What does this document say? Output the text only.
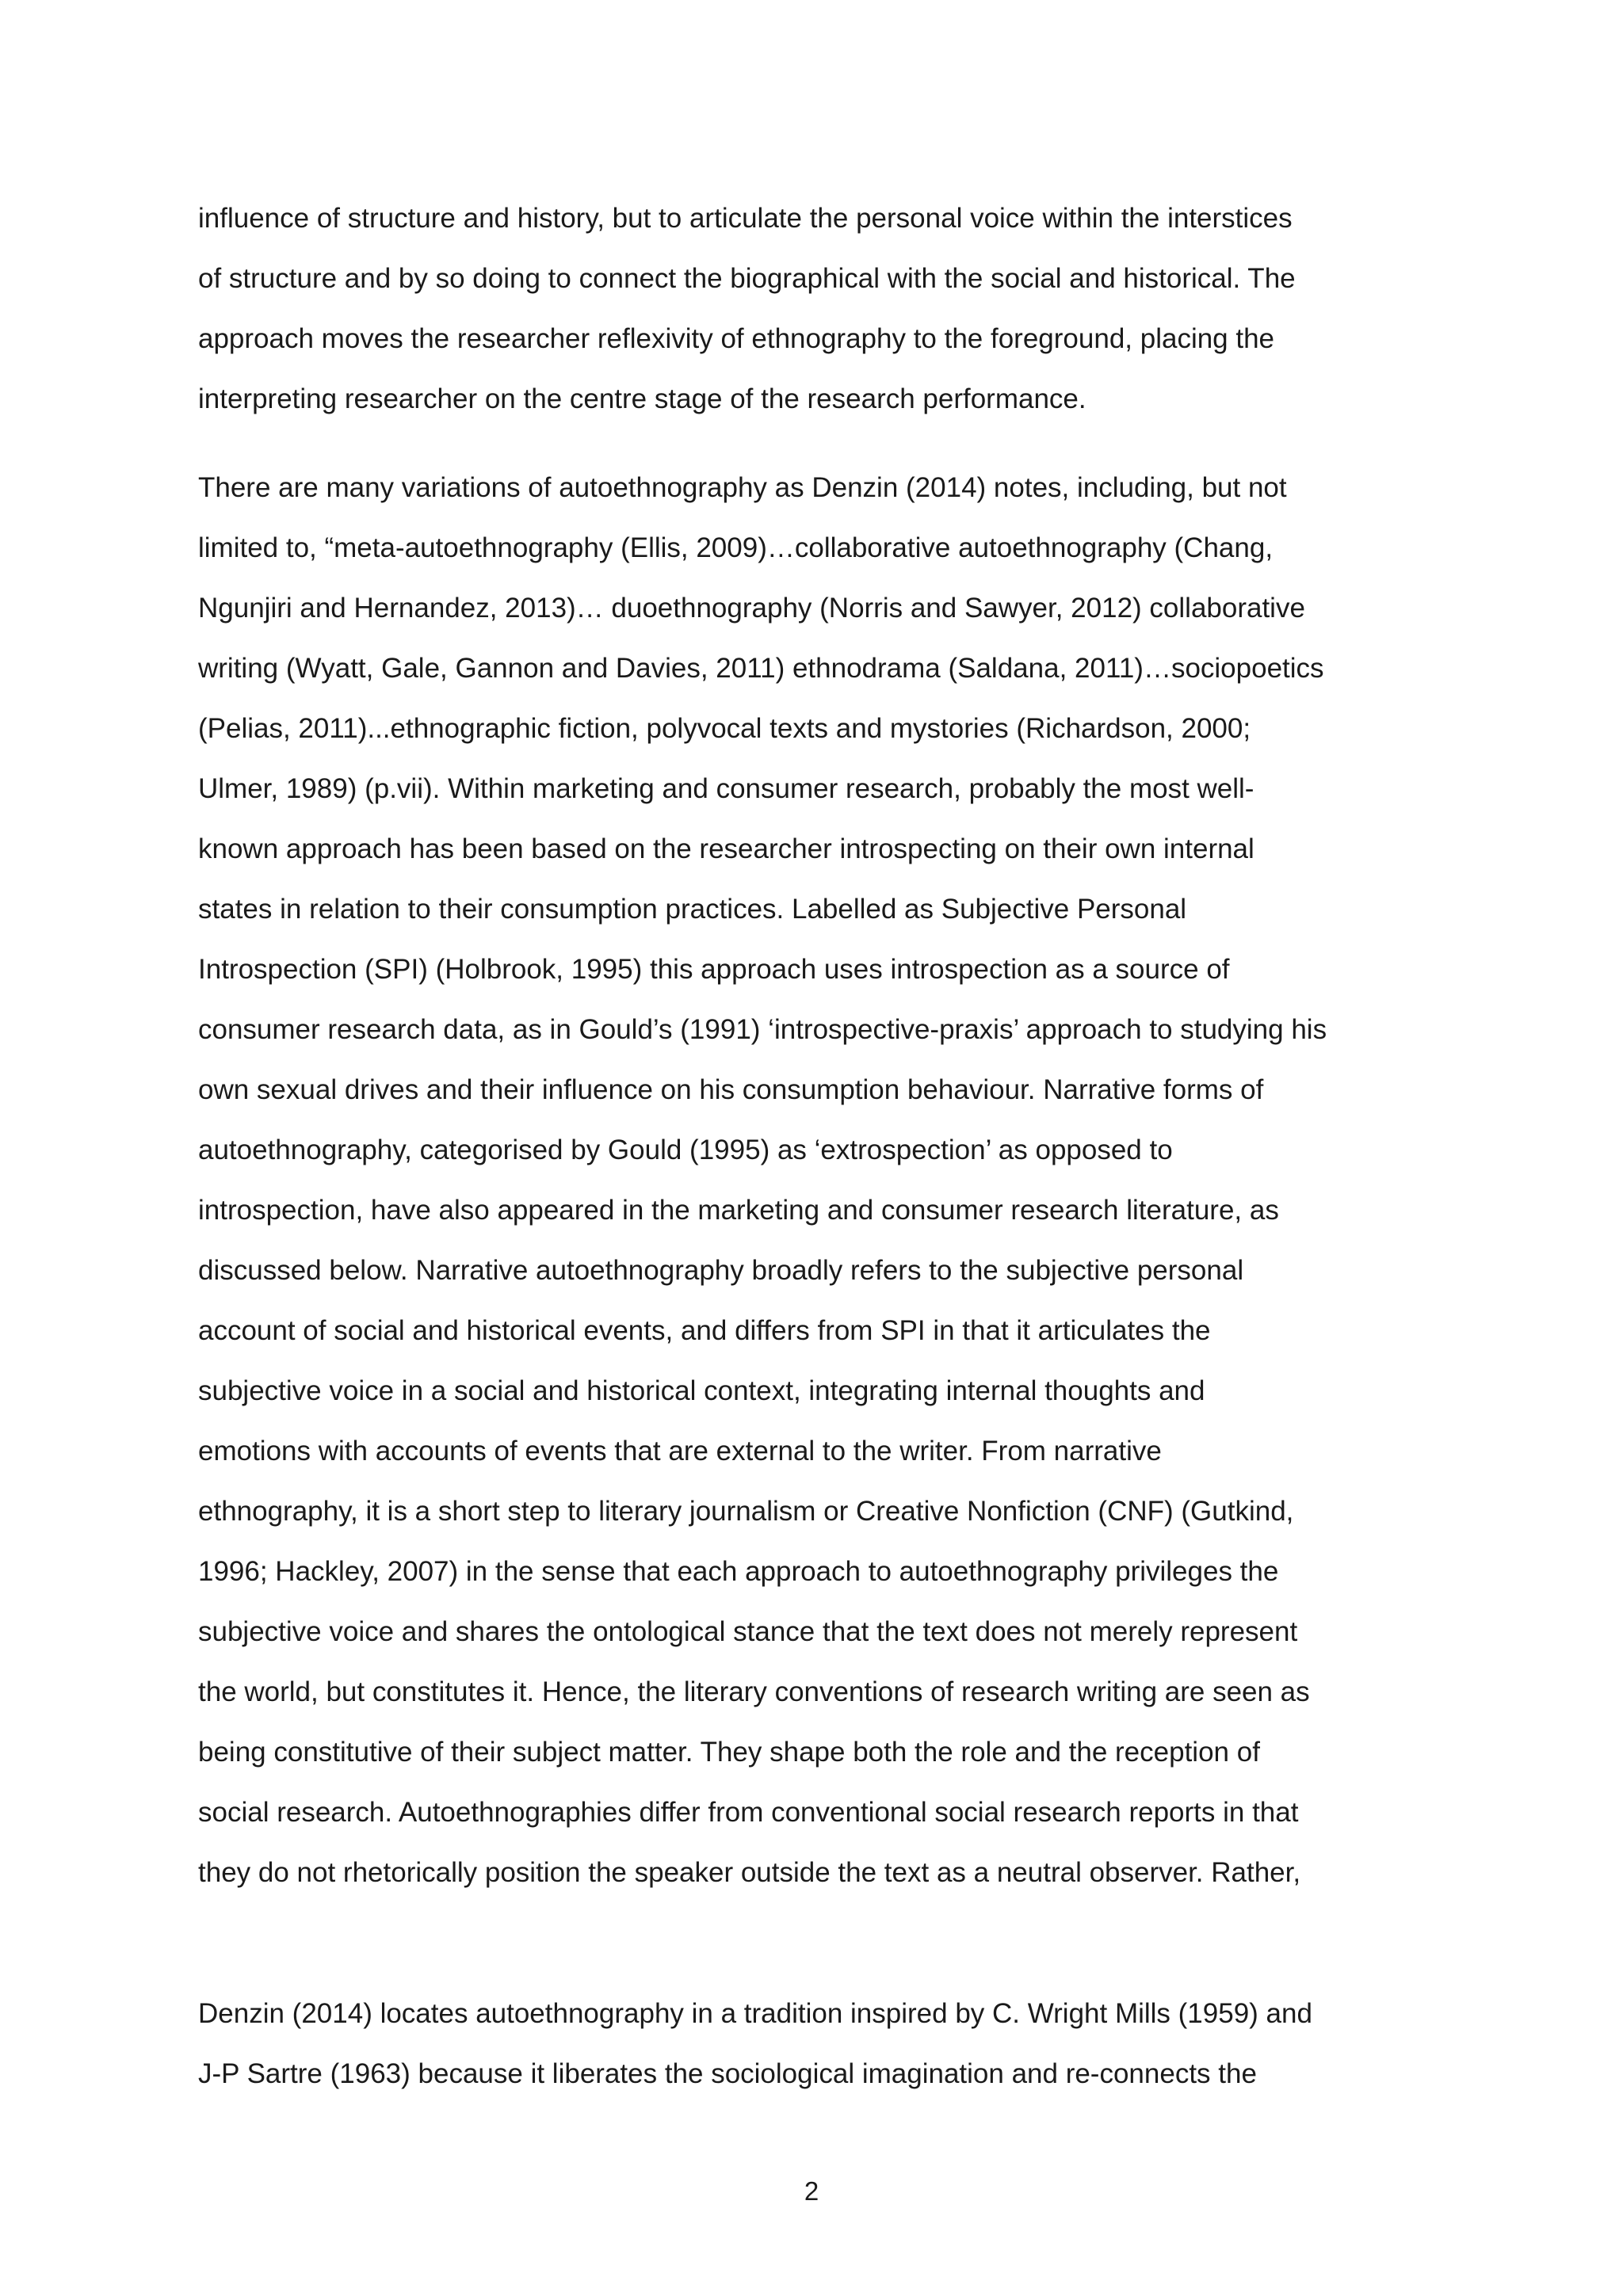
influence of structure and history, but to articulate the personal voice within the interstices
of structure and by so doing to connect the biographical with the social and historical. The
approach moves the researcher reflexivity of ethnography to the foreground, placing the
interpreting researcher on the centre stage of the research performance.
There are many variations of autoethnography as Denzin (2014) notes, including, but not
limited to, “meta-autoethnography (Ellis, 2009)…collaborative autoethnography (Chang,
Ngunjiri and Hernandez, 2013)… duoethnography (Norris and Sawyer, 2012) collaborative
writing (Wyatt, Gale, Gannon and Davies, 2011) ethnodrama (Saldana, 2011)…sociopoetics
(Pelias, 2011)...ethnographic fiction, polyvocal texts and mystories (Richardson, 2000;
Ulmer, 1989) (p.vii). Within marketing and consumer research, probably the most well-
known approach has been based on the researcher introspecting on their own internal
states in relation to their consumption practices. Labelled as Subjective Personal
Introspection (SPI) (Holbrook, 1995) this approach uses introspection as a source of
consumer research data, as in Gould’s (1991) ‘introspective-praxis’ approach to studying his
own sexual drives and their influence on his consumption behaviour. Narrative forms of
autoethnography, categorised by Gould (1995) as ‘extrospection’ as opposed to
introspection, have also appeared in the marketing and consumer research literature, as
discussed below. Narrative autoethnography broadly refers to the subjective personal
account of social and historical events, and differs from SPI in that it articulates the
subjective voice in a social and historical context, integrating internal thoughts and
emotions with accounts of events that are external to the writer. From narrative
ethnography, it is a short step to literary journalism or Creative Nonfiction (CNF) (Gutkind,
1996; Hackley, 2007) in the sense that each approach to autoethnography privileges the
subjective voice and shares the ontological stance that the text does not merely represent
the world, but constitutes it. Hence, the literary conventions of research writing are seen as
being constitutive of their subject matter. They shape both the role and the reception of
social research. Autoethnographies differ from conventional social research reports in that
they do not rhetorically position the speaker outside the text as a neutral observer. Rather,
Denzin (2014) locates autoethnography in a tradition inspired by C. Wright Mills (1959) and
J-P Sartre (1963) because it liberates the sociological imagination and re-connects the
2
